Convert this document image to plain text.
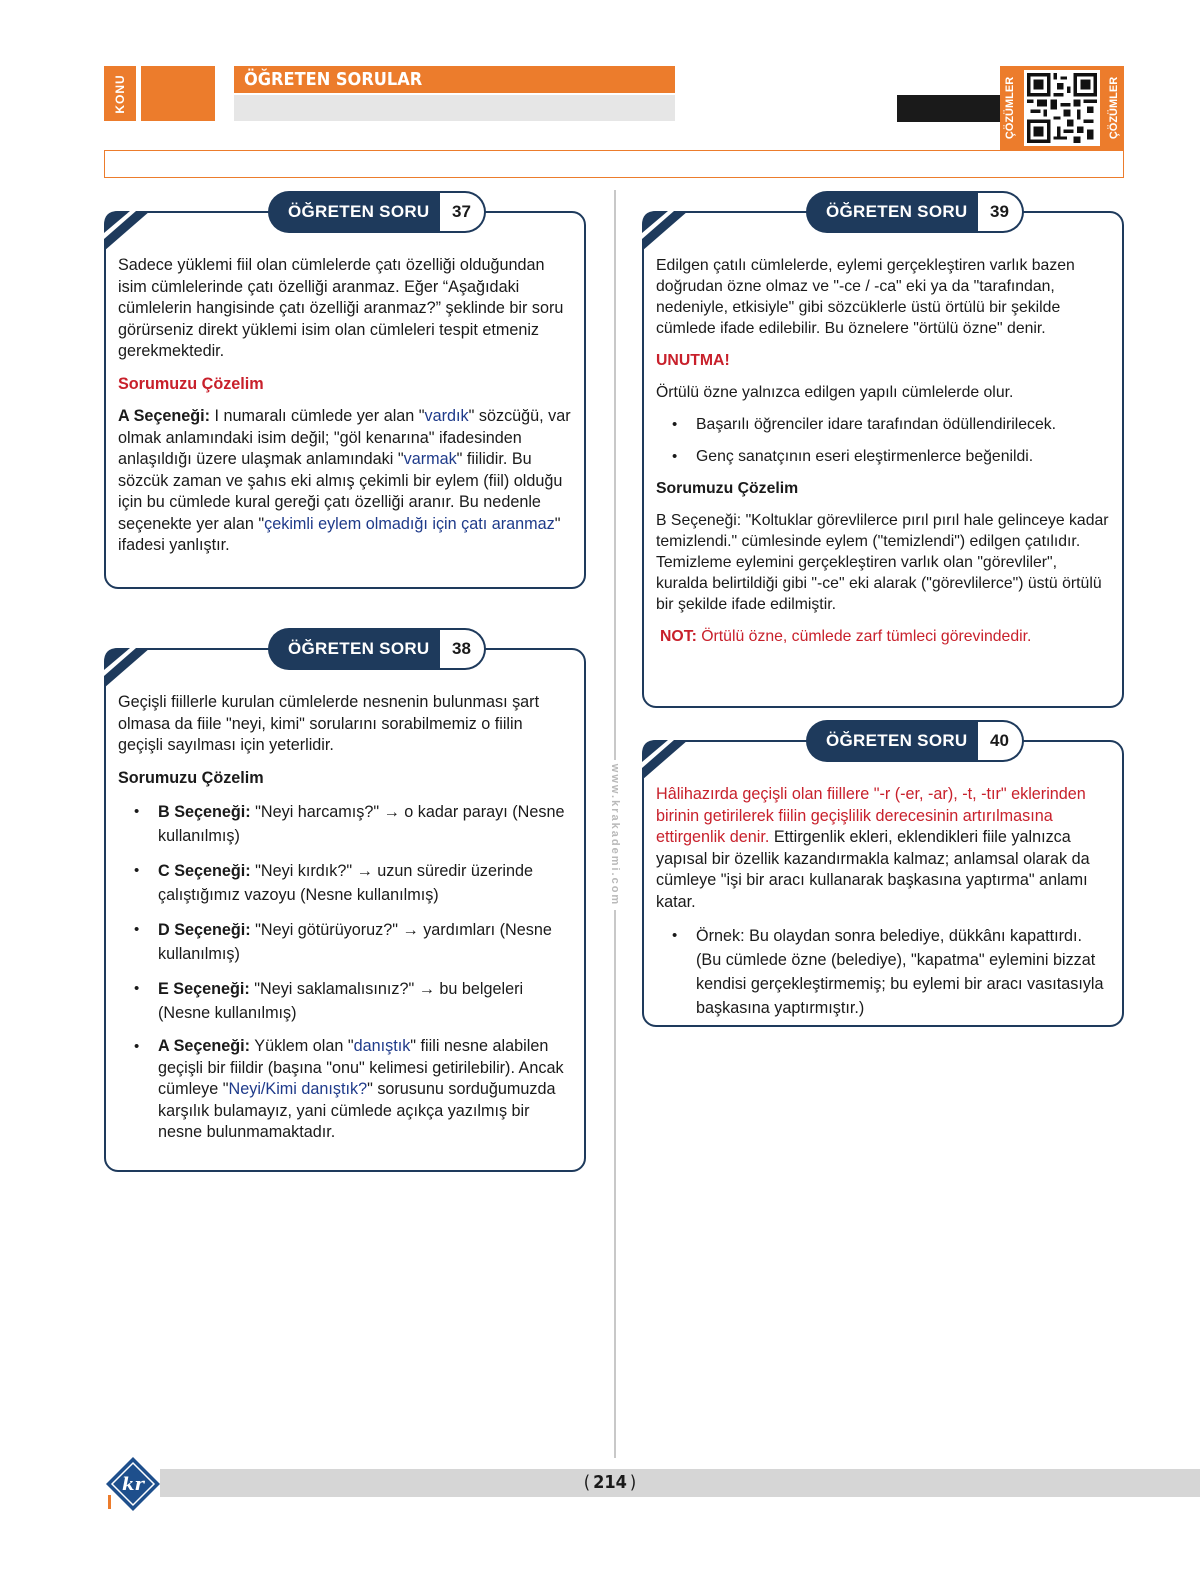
KONU	ÖĞRETEN SORULAR	ÇÖZÜMLER	ÇÖZÜMLER
www.krakademi.com
ÖĞRETEN SORU	37

Sadece yüklemi fiil olan cümlelerde çatı özelliği olduğundan isim cümlelerinde çatı özelliği aranmaz. Eğer “Aşağıdaki cümlelerin hangisinde çatı özelliği aranmaz?” şeklinde bir soru görürseniz direkt yüklemi isim olan cümleleri tespit etmeniz gerekmektedir.

Sorumuzu Çözelim

A Seçeneği: I numaralı cümlede yer alan "vardık" sözcüğü, var olmak anlamındaki isim değil; "göl kenarına" ifadesinden anlaşıldığı üzere ulaşmak anlamındaki "varmak" fiilidir. Bu sözcük zaman ve şahıs eki almış çekimli bir eylem (fiil) olduğu için bu cümlede kural gereği çatı özelliği aranır. Bu nedenle seçenekte yer alan "çekimli eylem olmadığı için çatı aranmaz" ifadesi yanlıştır.

ÖĞRETEN SORU	38

Geçişli fiillerle kurulan cümlelerde nesnenin bulunması şart olmasa da fiile "neyi, kimi" sorularını sorabilmemiz o fiilin geçişli sayılması için yeterlidir.

Sorumuzu Çözelim

• B Seçeneği: "Neyi harcamış?" → o kadar parayı (Nesne kullanılmış)
• C Seçeneği: "Neyi kırdık?" → uzun süredir üzerinde çalıştığımız vazoyu (Nesne kullanılmış)
• D Seçeneği: "Neyi götürüyoruz?" → yardımları (Nesne kullanılmış)
• E Seçeneği: "Neyi saklamalısınız?" → bu belgeleri (Nesne kullanılmış)
• A Seçeneği: Yüklem olan "danıştık" fiili nesne alabilen geçişli bir fiildir (başına "onu" kelimesi getirilebilir). Ancak cümleye "Neyi/Kimi danıştık?" sorusunu sorduğumuzda karşılık bulamayız, yani cümlede açıkça yazılmış bir nesne bulunmamaktadır.
ÖĞRETEN SORU	39

Edilgen çatılı cümlelerde, eylemi gerçekleştiren varlık bazen doğrudan özne olmaz ve "-ce / -ca" eki ya da "tarafından, nedeniyle, etkisiyle" gibi sözcüklerle üstü örtülü bir şekilde cümlede ifade edilebilir. Bu öznelere "örtülü özne" denir.

UNUTMA!

Örtülü özne yalnızca edilgen yapılı cümlelerde olur.

• Başarılı öğrenciler idare tarafından ödüllendirilecek.
• Genç sanatçının eseri eleştirmenlerce beğenildi.

Sorumuzu Çözelim

B Seçeneği: "Koltuklar görevlilerce pırıl pırıl hale gelinceye kadar temizlendi." cümlesinde eylem ("temizlendi") edilgen çatılıdır. Temizleme eylemini gerçekleştiren varlık olan "görevliler", kuralda belirtildiği gibi "-ce" eki alarak ("görevlilerce") üstü örtülü bir şekilde ifade edilmiştir.

NOT: Örtülü özne, cümlede zarf tümleci görevindedir.

ÖĞRETEN SORU	40

Hâlihazırda geçişli olan fiillere "-r (-er, -ar), -t, -tır" eklerinden birinin getirilerek fiilin geçişlilik derecesinin artırılmasına ettirgenlik denir. Ettirgenlik ekleri, eklendikleri fiile yalnızca yapısal bir özellik kazandırmakla kalmaz; anlamsal olarak da cümleye "işi bir aracı kullanarak başkasına yaptırma" anlamı katar.

• Örnek: Bu olaydan sonra belediye, dükkânı kapattırdı. (Bu cümlede özne (belediye), "kapatma" eylemini bizzat kendisi gerçekleştirmemiş; bu eylemi bir aracı vasıtasıyla başkasına yaptırmıştır.)
kr	( 214 )
